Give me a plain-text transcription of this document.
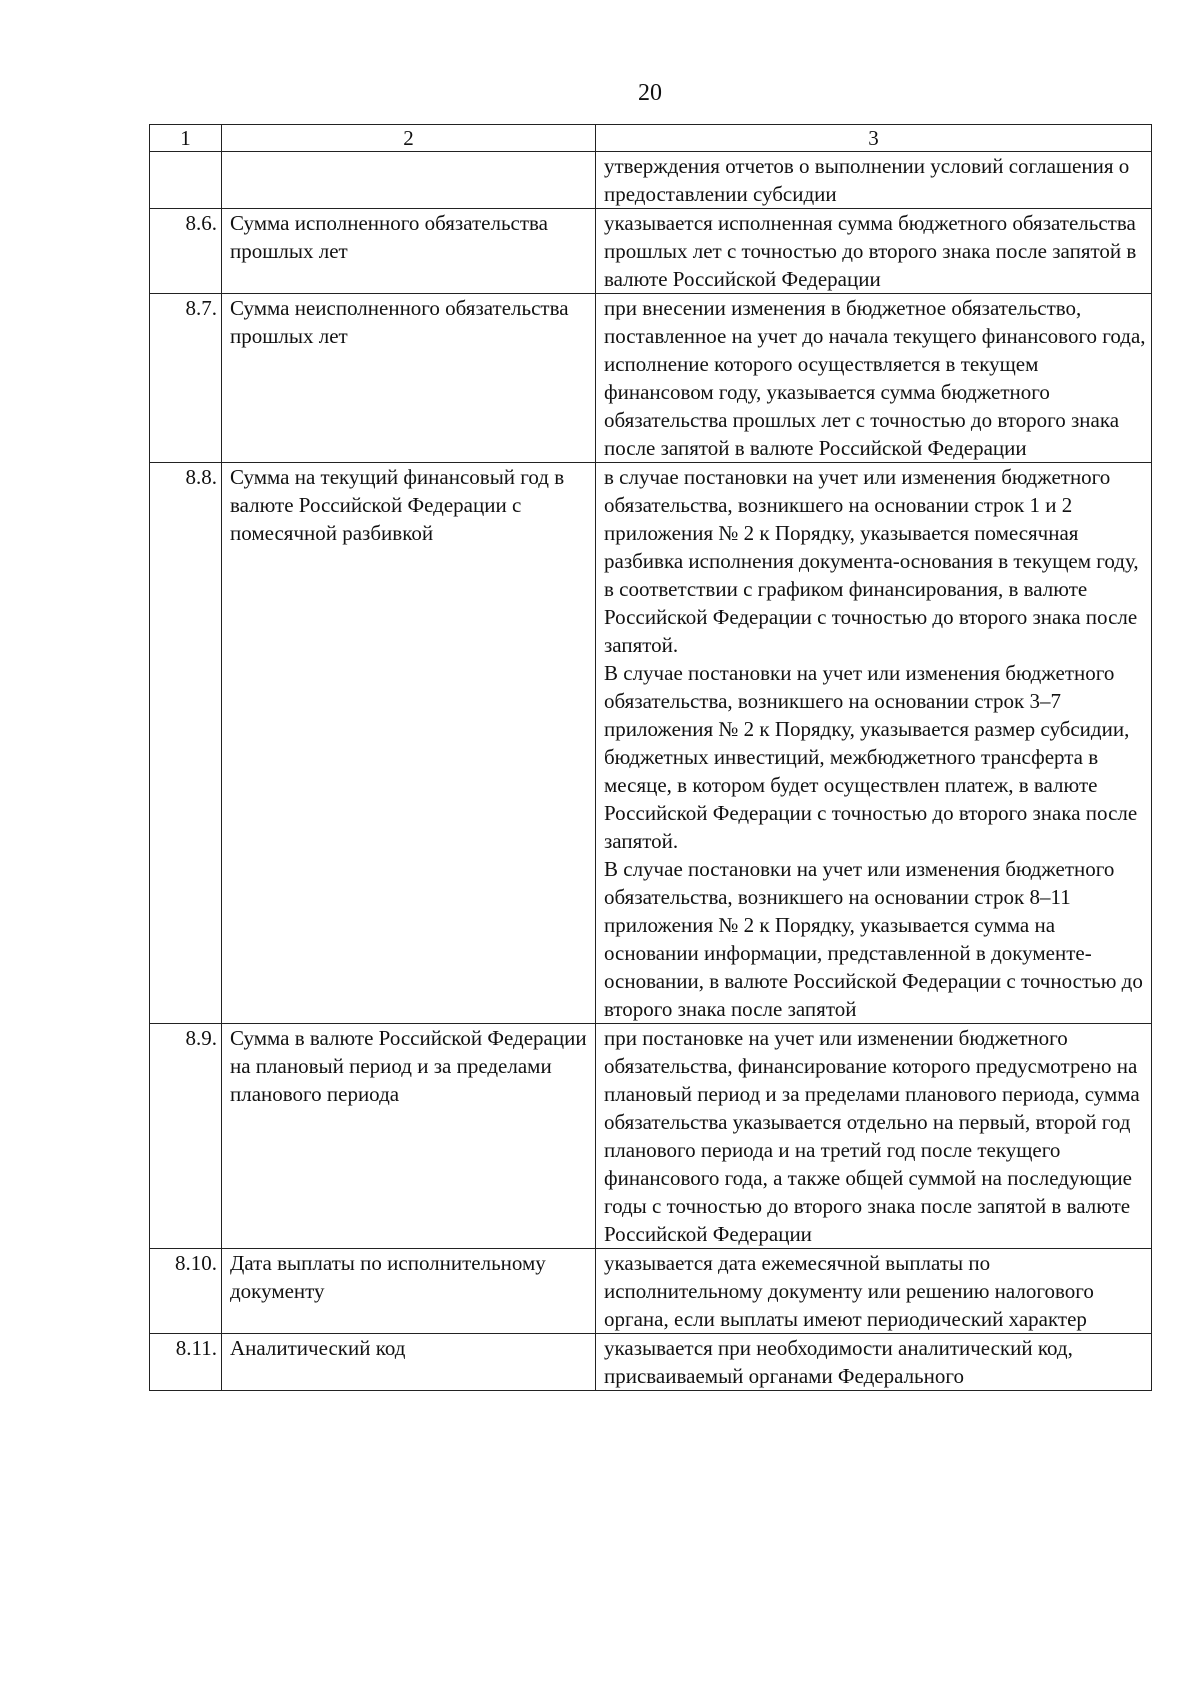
20
1	2	3

		утверждения отчетов о выполнении условий соглашения о предоставлении субсидии

8.6.	Сумма исполненного обязательства прошлых лет	указывается исполненная сумма бюджетного обязательства прошлых лет с точностью до второго знака после запятой в валюте Российской Федерации

8.7.	Сумма неисполненного обязательства прошлых лет	при внесении изменения в бюджетное обязательство, поставленное на учет до начала текущего финансового года, исполнение которого осуществляется в текущем финансовом году, указывается сумма бюджетного обязательства прошлых лет с точностью до второго знака после запятой в валюте Российской Федерации

8.8.	Сумма на текущий финансовый год в валюте Российской Федерации с помесячной разбивкой	в случае постановки на учет или изменения бюджетного обязательства, возникшего на основании строк 1 и 2 приложения № 2 к Порядку, указывается помесячная разбивка исполнения документа-основания в текущем году, в соответствии с графиком финансирования, в валюте Российской Федерации с точностью до второго знака после запятой.

В случае постановки на учет или изменения бюджетного обязательства, возникшего на основании строк 3–7 приложения № 2 к Порядку, указывается размер субсидии, бюджетных инвестиций, межбюджетного трансферта в месяце, в котором будет осуществлен платеж, в валюте Российской Федерации с точностью до второго знака после запятой.

В случае постановки на учет или изменения бюджетного обязательства, возникшего на основании строк 8–11 приложения № 2 к Порядку, указывается сумма на основании информации, представленной в документе-основании, в валюте Российской Федерации с точностью до второго знака после запятой

8.9.	Сумма в валюте Российской Федерации на плановый период и за пределами планового периода	при постановке на учет или изменении бюджетного обязательства, финансирование которого предусмотрено на плановый период и за пределами планового периода, сумма обязательства указывается отдельно на первый, второй год планового периода и на третий год после текущего финансового года, а также общей суммой на последующие годы с точностью до второго знака после запятой в валюте Российской Федерации

8.10.	Дата выплаты по исполнительному документу	указывается дата ежемесячной выплаты по исполнительному документу или решению налогового органа, если выплаты имеют периодический характер

8.11.	Аналитический код	указывается при необходимости аналитический код, присваиваемый органами Федерального
